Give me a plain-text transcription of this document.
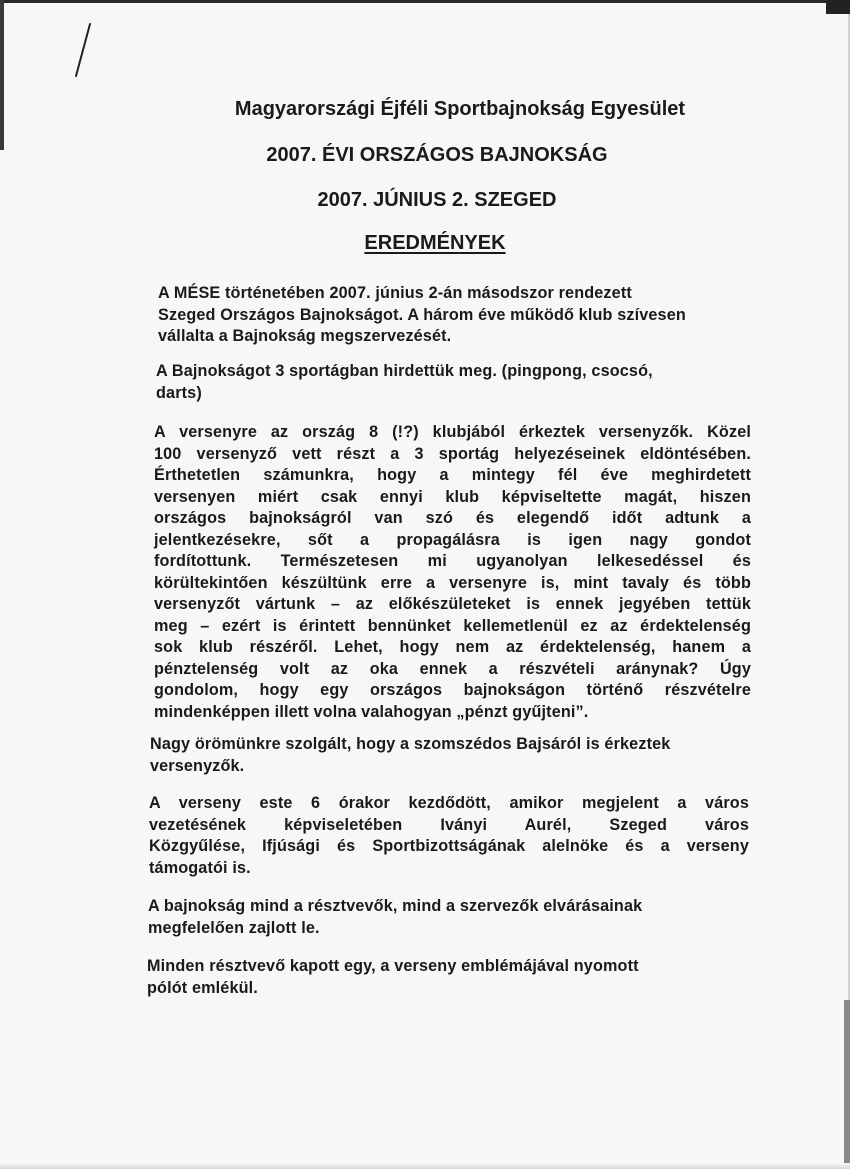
Magyarországi Éjféli Sportbajnokság Egyesület
2007. ÉVI ORSZÁGOS BAJNOKSÁG
2007. JÚNIUS 2. SZEGED
EREDMÉNYEK
A MÉSE történetében 2007. június 2-án másodszor rendezett
Szeged Országos Bajnokságot. A három éve működő klub szívesen
vállalta a Bajnokság megszervezését.
A Bajnokságot 3 sportágban hirdettük meg. (pingpong, csocsó,
darts)
A versenyre az ország 8 (!?) klubjából érkeztek versenyzők. Közel
100 versenyző vett részt a 3 sportág helyezéseinek eldöntésében.
Érthetetlen számunkra, hogy a mintegy fél éve meghirdetett
versenyen miért csak ennyi klub képviseltette magát, hiszen
országos bajnokságról van szó és elegendő időt adtunk a
jelentkezésekre, sőt a propagálásra is igen nagy gondot
fordítottunk. Természetesen mi ugyanolyan lelkesedéssel és
körültekintően készültünk erre a versenyre is, mint tavaly és több
versenyzőt vártunk – az előkészületeket is ennek jegyében tettük
meg – ezért is érintett bennünket kellemetlenül ez az érdektelenség
sok klub részéről. Lehet, hogy nem az érdektelenség, hanem a
pénztelenség volt az oka ennek a részvételi aránynak? Úgy
gondolom, hogy egy országos bajnokságon történő részvételre
mindenképpen illett volna valahogyan „pénzt gyűjteni”.
Nagy örömünkre szolgált, hogy a szomszédos Bajsáról is érkeztek
versenyzők.
A verseny este 6 órakor kezdődött, amikor megjelent a város
vezetésének képviseletében Iványi Aurél, Szeged város
Közgyűlése, Ifjúsági és Sportbizottságának alelnöke és a verseny
támogatói is.
A bajnokság mind a résztvevők, mind a szervezők elvárásainak
megfelelően zajlott le.
Minden résztvevő kapott egy, a verseny emblémájával nyomott
pólót emlékül.
